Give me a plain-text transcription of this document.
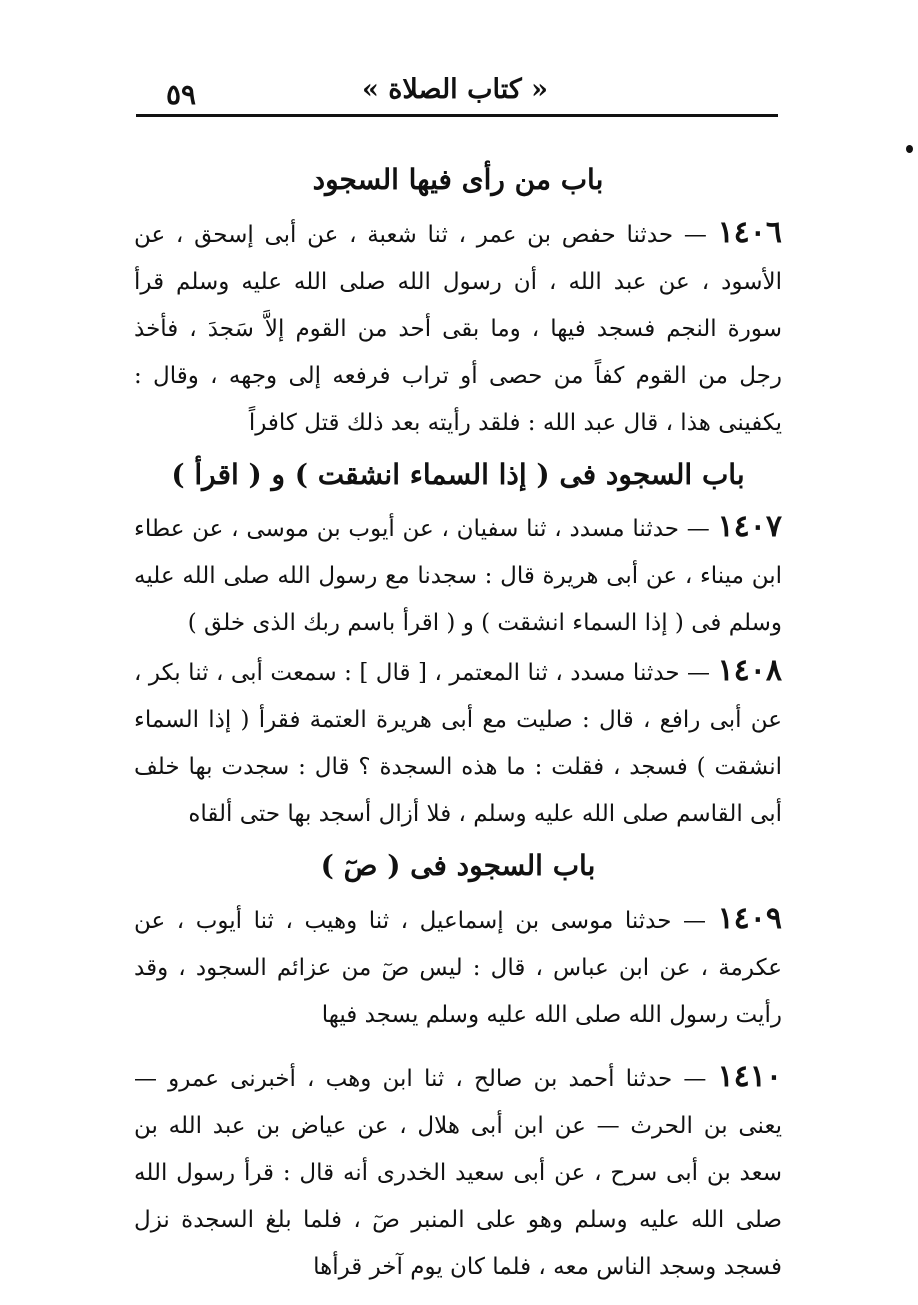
٥٩	« كتاب الصلاة »
باب من رأى فيها السجود

١٤٠٦ — حدثنا حفص بن عمر ، ثنا شعبة ، عن أبى إسحق ، عن الأسود ، عن عبد الله ، أن رسول الله صلى الله عليه وسلم قرأ سورة النجم فسجد فيها ، وما بقى أحد من القوم إلاَّ سَجدَ ، فأخذ رجل من القوم كفاً من حصى أو تراب فرفعه إلى وجهه ، وقال : يكفينى هذا ، قال عبد الله : فلقد رأيته بعد ذلك قتل كافراً

باب السجود فى ( إذا السماء انشقت ) و ( اقرأ )

١٤٠٧ — حدثنا مسدد ، ثنا سفيان ، عن أيوب بن موسى ، عن عطاء ابن ميناء ، عن أبى هريرة قال : سجدنا مع رسول الله صلى الله عليه وسلم فى ( إذا السماء انشقت ) و ( اقرأ باسم ربك الذى خلق )

١٤٠٨ — حدثنا مسدد ، ثنا المعتمر ، [ قال ] : سمعت أبى ، ثنا بكر ، عن أبى رافع ، قال : صليت مع أبى هريرة العتمة فقرأ ( إذا السماء انشقت ) فسجد ، فقلت : ما هذه السجدة ؟ قال : سجدت بها خلف أبى القاسم صلى الله عليه وسلم ، فلا أزال أسجد بها حتى ألقاه

باب السجود فى ( صٓ )

١٤٠٩ — حدثنا موسى بن إسماعيل ، ثنا وهيب ، ثنا أيوب ، عن عكرمة ، عن ابن عباس ، قال : ليس صٓ من عزائم السجود ، وقد رأيت رسول الله صلى الله عليه وسلم يسجد فيها

١٤١٠ — حدثنا أحمد بن صالح ، ثنا ابن وهب ، أخبرنى عمرو — يعنى بن الحرث — عن ابن أبى هلال ، عن عياض بن عبد الله بن سعد بن أبى سرح ، عن أبى سعيد الخدرى أنه قال : قرأ رسول الله صلى الله عليه وسلم وهو على المنبر صٓ ، فلما بلغ السجدة نزل فسجد وسجد الناس معه ، فلما كان يوم آخر قرأها
